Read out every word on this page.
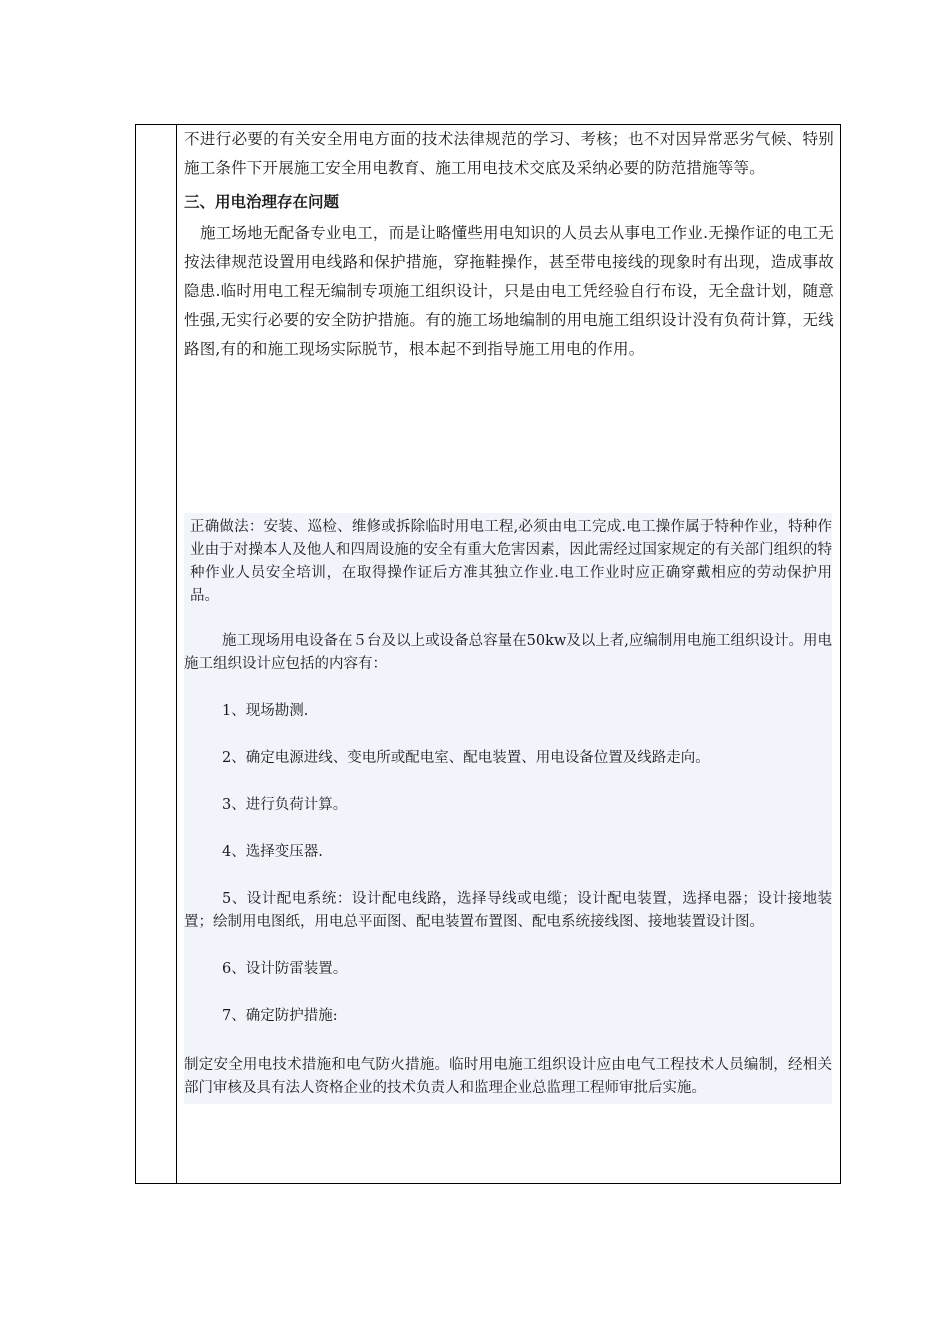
不进行必要的有关安全用电方面的技术法律规范的学习、考核；也不对因异常恶劣气候、特别施工条件下开展施工安全用电教育、施工用电技术交底及采纳必要的防范措施等等。

三、用电治理存在问题

施工场地无配备专业电工，而是让略懂些用电知识的人员去从事电工作业.无操作证的电工无按法律规范设置用电线路和保护措施，穿拖鞋操作，甚至带电接线的现象时有出现，造成事故隐患.临时用电工程无编制专项施工组织设计，只是由电工凭经验自行布设，无全盘计划，随意性强,无实行必要的安全防护措施。有的施工场地编制的用电施工组织设计没有负荷计算，无线路图,有的和施工现场实际脱节，根本起不到指导施工用电的作用。

正确做法：安装、巡检、维修或拆除临时用电工程,必须由电工完成.电工操作属于特种作业，特种作业由于对操本人及他人和四周设施的安全有重大危害因素，因此需经过国家规定的有关部门组织的特种作业人员安全培训，在取得操作证后方准其独立作业.电工作业时应正确穿戴相应的劳动保护用品。

施工现场用电设备在５台及以上或设备总容量在50kw及以上者,应编制用电施工组织设计。用电施工组织设计应包括的内容有：

1、现场勘测.

2、确定电源进线、变电所或配电室、配电装置、用电设备位置及线路走向。

3、进行负荷计算。

4、选择变压器.

5、设计配电系统：设计配电线路，选择导线或电缆；设计配电装置，选择电器；设计接地装置；绘制用电图纸，用电总平面图、配电装置布置图、配电系统接线图、接地装置设计图。

6、设计防雷装置。

7、确定防护措施:

制定安全用电技术措施和电气防火措施。临时用电施工组织设计应由电气工程技术人员编制，经相关部门审核及具有法人资格企业的技术负责人和监理企业总监理工程师审批后实施。
